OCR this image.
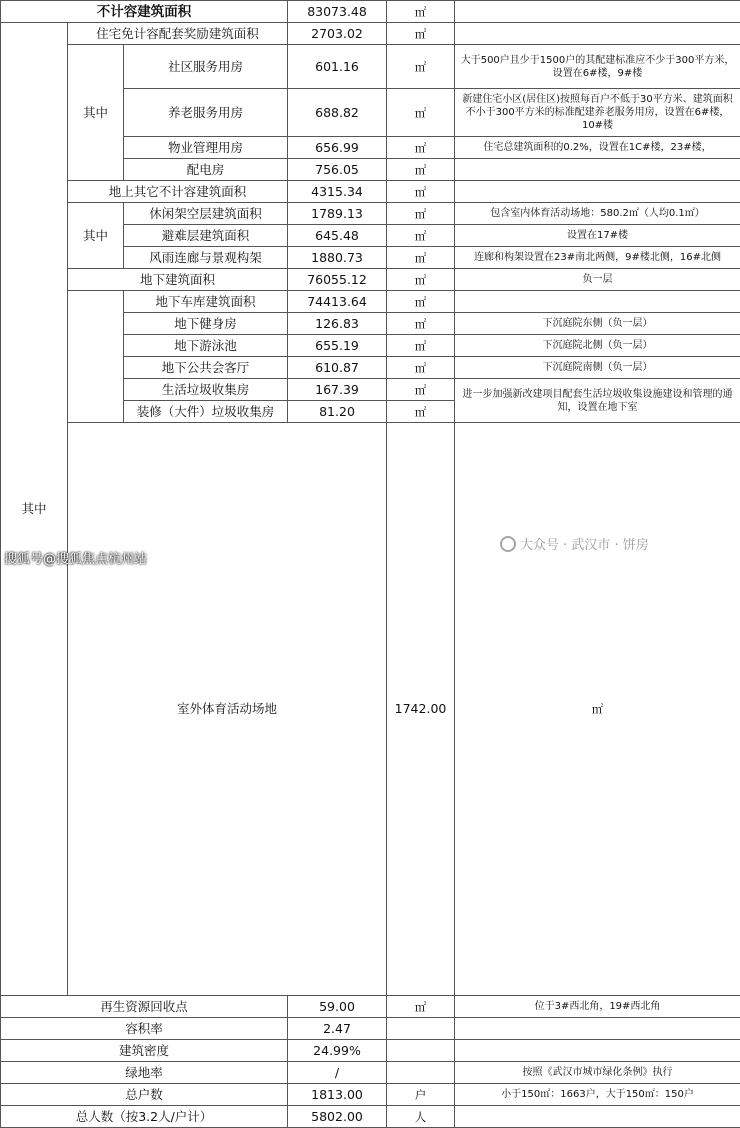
不计容建筑面积			83073.48	㎡		
其中	住宅免计容配套奖励建筑面积		2703.02	㎡		
	其中	社区服务用房	601.16	㎡	大于500户且少于1500户的其配建标准应不少于300平方米，设置在6#楼，9#楼	
		养老服务用房	688.82	㎡	新建住宅小区(居住区)按照每百户不低于30平方米、建筑面积不小于300平方米的标准配建养老服务用房，设置在6#楼，10#楼	
		物业管理用房	656.99	㎡	住宅总建筑面积的0.2%，设置在1C#楼，23#楼，	
		配电房	756.05	㎡		
	地上其它不计容建筑面积		4315.34	㎡		
	其中	休闲架空层建筑面积	1789.13	㎡	包含室内体育活动场地：580.2㎡（人均0.1㎡）	
		避难层建筑面积	645.48	㎡	设置在17#楼	
		风雨连廊与景观构架	1880.73	㎡	连廊和构架设置在23#南北两侧，9#楼北侧，16#北侧	
	地下建筑面积		76055.12	㎡	负一层	
		地下车库建筑面积	74413.64	㎡		
		地下健身房	126.83	㎡	下沉庭院东侧（负一层）	
		地下游泳池	655.19	㎡	下沉庭院北侧（负一层）	
		地下公共会客厅	610.87	㎡	下沉庭院南侧（负一层）	
		生活垃圾收集房	167.39	㎡	进一步加强新改建项目配套生活垃圾收集设施建设和管理的通知，设置在地下室	
		装修（大件）垃圾收集房	81.20	㎡		
	室外体育活动场地			1742.00	㎡	
再生资源回收点			59.00	㎡	位于3#西北角，19#西北角	
容积率			2.47			
建筑密度			24.99%			
绿地率			/		按照《武汉市城市绿化条例》执行	
总户数			1813.00	户	小于150㎡：1663户，大于150㎡：150户	
总人数（按3.2人/户计）			5802.00	人		
搜狐号@搜狐焦点杭州站
大众号 · 武汉市 · 饼房
